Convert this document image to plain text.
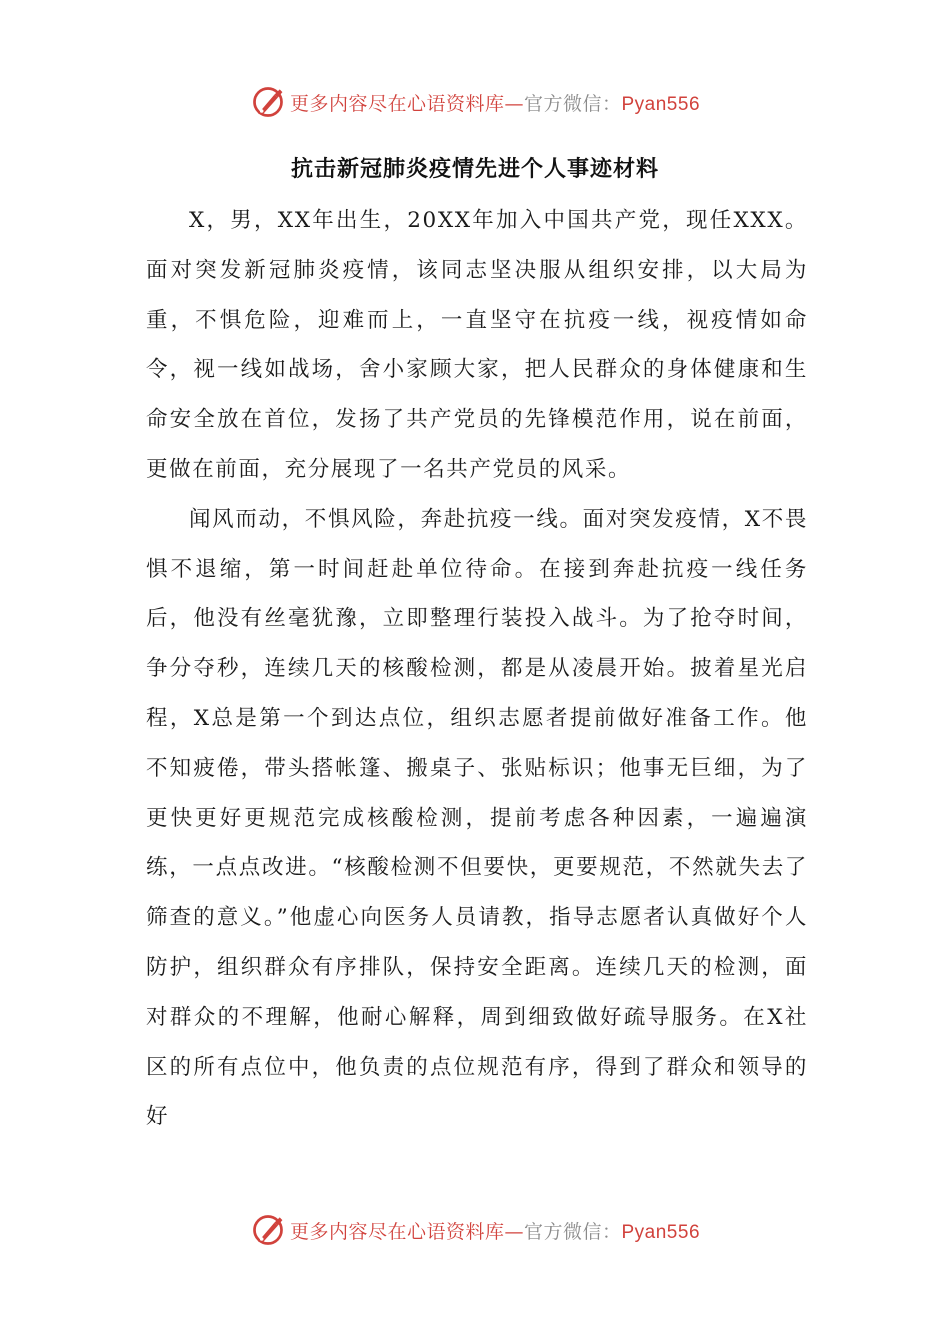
更多内容尽在心语资料库—官方微信：Pyan556
抗击新冠肺炎疫情先进个人事迹材料

X，男，XX年出生，20XX年加入中国共产党，现任XXX。面对突发新冠肺炎疫情，该同志坚决服从组织安排，以大局为重，不惧危险，迎难而上，一直坚守在抗疫一线，视疫情如命令，视一线如战场，舍小家顾大家，把人民群众的身体健康和生命安全放在首位，发扬了共产党员的先锋模范作用，说在前面，更做在前面，充分展现了一名共产党员的风采。

闻风而动，不惧风险，奔赴抗疫一线。面对突发疫情，X不畏惧不退缩，第一时间赶赴单位待命。在接到奔赴抗疫一线任务后，他没有丝毫犹豫，立即整理行装投入战斗。为了抢夺时间，争分夺秒，连续几天的核酸检测，都是从凌晨开始。披着星光启程，X总是第一个到达点位，组织志愿者提前做好准备工作。他不知疲倦，带头搭帐篷、搬桌子、张贴标识；他事无巨细，为了更快更好更规范完成核酸检测，提前考虑各种因素，一遍遍演练，一点点改进。“核酸检测不但要快，更要规范，不然就失去了筛查的意义。”他虚心向医务人员请教，指导志愿者认真做好个人防护，组织群众有序排队，保持安全距离。连续几天的检测，面对群众的不理解，他耐心解释，周到细致做好疏导服务。在X社区的所有点位中，他负责的点位规范有序，得到了群众和领导的好

更多内容尽在心语资料库—官方微信：Pyan556
